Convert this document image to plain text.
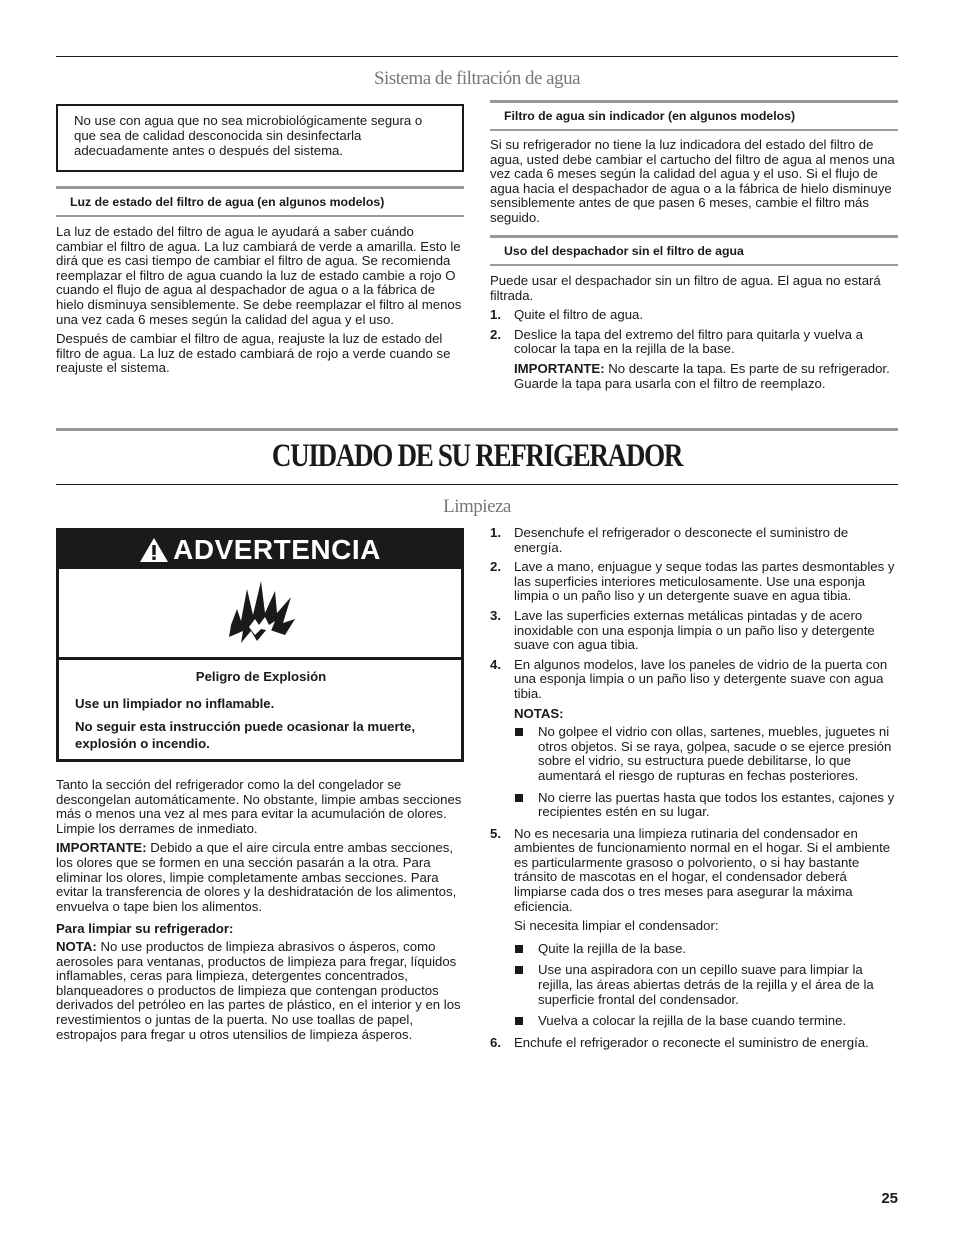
Sistema de filtración de agua
No use con agua que no sea microbiológicamente segura o que sea de calidad desconocida sin desinfectarla adecuadamente antes o después del sistema.
Luz de estado del filtro de agua (en algunos modelos)

La luz de estado del filtro de agua le ayudará a saber cuándo cambiar el filtro de agua. La luz cambiará de verde a amarilla. Esto le dirá que es casi tiempo de cambiar el filtro de agua. Se recomienda reemplazar el filtro de agua cuando la luz de estado cambie a rojo O cuando el flujo de agua al despachador de agua o a la fábrica de hielo disminuya sensiblemente. Se debe reemplazar el filtro al menos una vez cada 6 meses según la calidad del agua y el uso.

Después de cambiar el filtro de agua, reajuste la luz de estado del filtro de agua. La luz de estado cambiará de rojo a verde cuando se reajuste el sistema.

Filtro de agua sin indicador (en algunos modelos)

Si su refrigerador no tiene la luz indicadora del estado del filtro de agua, usted debe cambiar el cartucho del filtro de agua al menos una vez cada 6 meses según la calidad del agua y el uso. Si el flujo de agua hacia el despachador de agua o a la fábrica de hielo disminuye sensiblemente antes de que pasen 6 meses, cambie el filtro más seguido.

Uso del despachador sin el filtro de agua

Puede usar el despachador sin un filtro de agua. El agua no estará filtrada.

1. Quite el filtro de agua.
2. Deslice la tapa del extremo del filtro para quitarla y vuelva a colocar la tapa en la rejilla de la base.

IMPORTANTE: No descarte la tapa. Es parte de su refrigerador. Guarde la tapa para usarla con el filtro de reemplazo.

CUIDADO DE SU REFRIGERADOR
Limpieza
ADVERTENCIA
Peligro de Explosión
Use un limpiador no inflamable.
No seguir esta instrucción puede ocasionar la muerte, explosión o incendio.

Tanto la sección del refrigerador como la del congelador se descongelan automáticamente. No obstante, limpie ambas secciones más o menos una vez al mes para evitar la acumulación de olores. Limpie los derrames de inmediato.

IMPORTANTE: Debido a que el aire circula entre ambas secciones, los olores que se formen en una sección pasarán a la otra. Para eliminar los olores, limpie completamente ambas secciones. Para evitar la transferencia de olores y la deshidratación de los alimentos, envuelva o tape bien los alimentos.

Para limpiar su refrigerador:

NOTA: No use productos de limpieza abrasivos o ásperos, como aerosoles para ventanas, productos de limpieza para fregar, líquidos inflamables, ceras para limpieza, detergentes concentrados, blanqueadores o productos de limpieza que contengan productos derivados del petróleo en las partes de plástico, en el interior y en los revestimientos o juntas de la puerta. No use toallas de papel, estropajos para fregar u otros utensilios de limpieza ásperos.

1. Desenchufe el refrigerador o desconecte el suministro de energía.
2. Lave a mano, enjuague y seque todas las partes desmontables y las superficies interiores meticulosamente. Use una esponja limpia o un paño liso y un detergente suave en agua tibia.
3. Lave las superficies externas metálicas pintadas y de acero inoxidable con una esponja limpia o un paño liso y detergente suave con agua tibia.
4. En algunos modelos, lave los paneles de vidrio de la puerta con una esponja limpia o un paño liso y detergente suave con agua tibia.
NOTAS:
No golpee el vidrio con ollas, sartenes, muebles, juguetes ni otros objetos. Si se raya, golpea, sacude o se ejerce presión sobre el vidrio, su estructura puede debilitarse, lo que aumentará el riesgo de rupturas en fechas posteriores.
No cierre las puertas hasta que todos los estantes, cajones y recipientes estén en su lugar.
5. No es necesaria una limpieza rutinaria del condensador en ambientes de funcionamiento normal en el hogar. Si el ambiente es particularmente grasoso o polvoriento, o si hay bastante tránsito de mascotas en el hogar, el condensador deberá limpiarse cada dos o tres meses para asegurar la máxima eficiencia.
Si necesita limpiar el condensador:
Quite la rejilla de la base.
Use una aspiradora con un cepillo suave para limpiar la rejilla, las áreas abiertas detrás de la rejilla y el área de la superficie frontal del condensador.
Vuelva a colocar la rejilla de la base cuando termine.
6. Enchufe el refrigerador o reconecte el suministro de energía.
25
